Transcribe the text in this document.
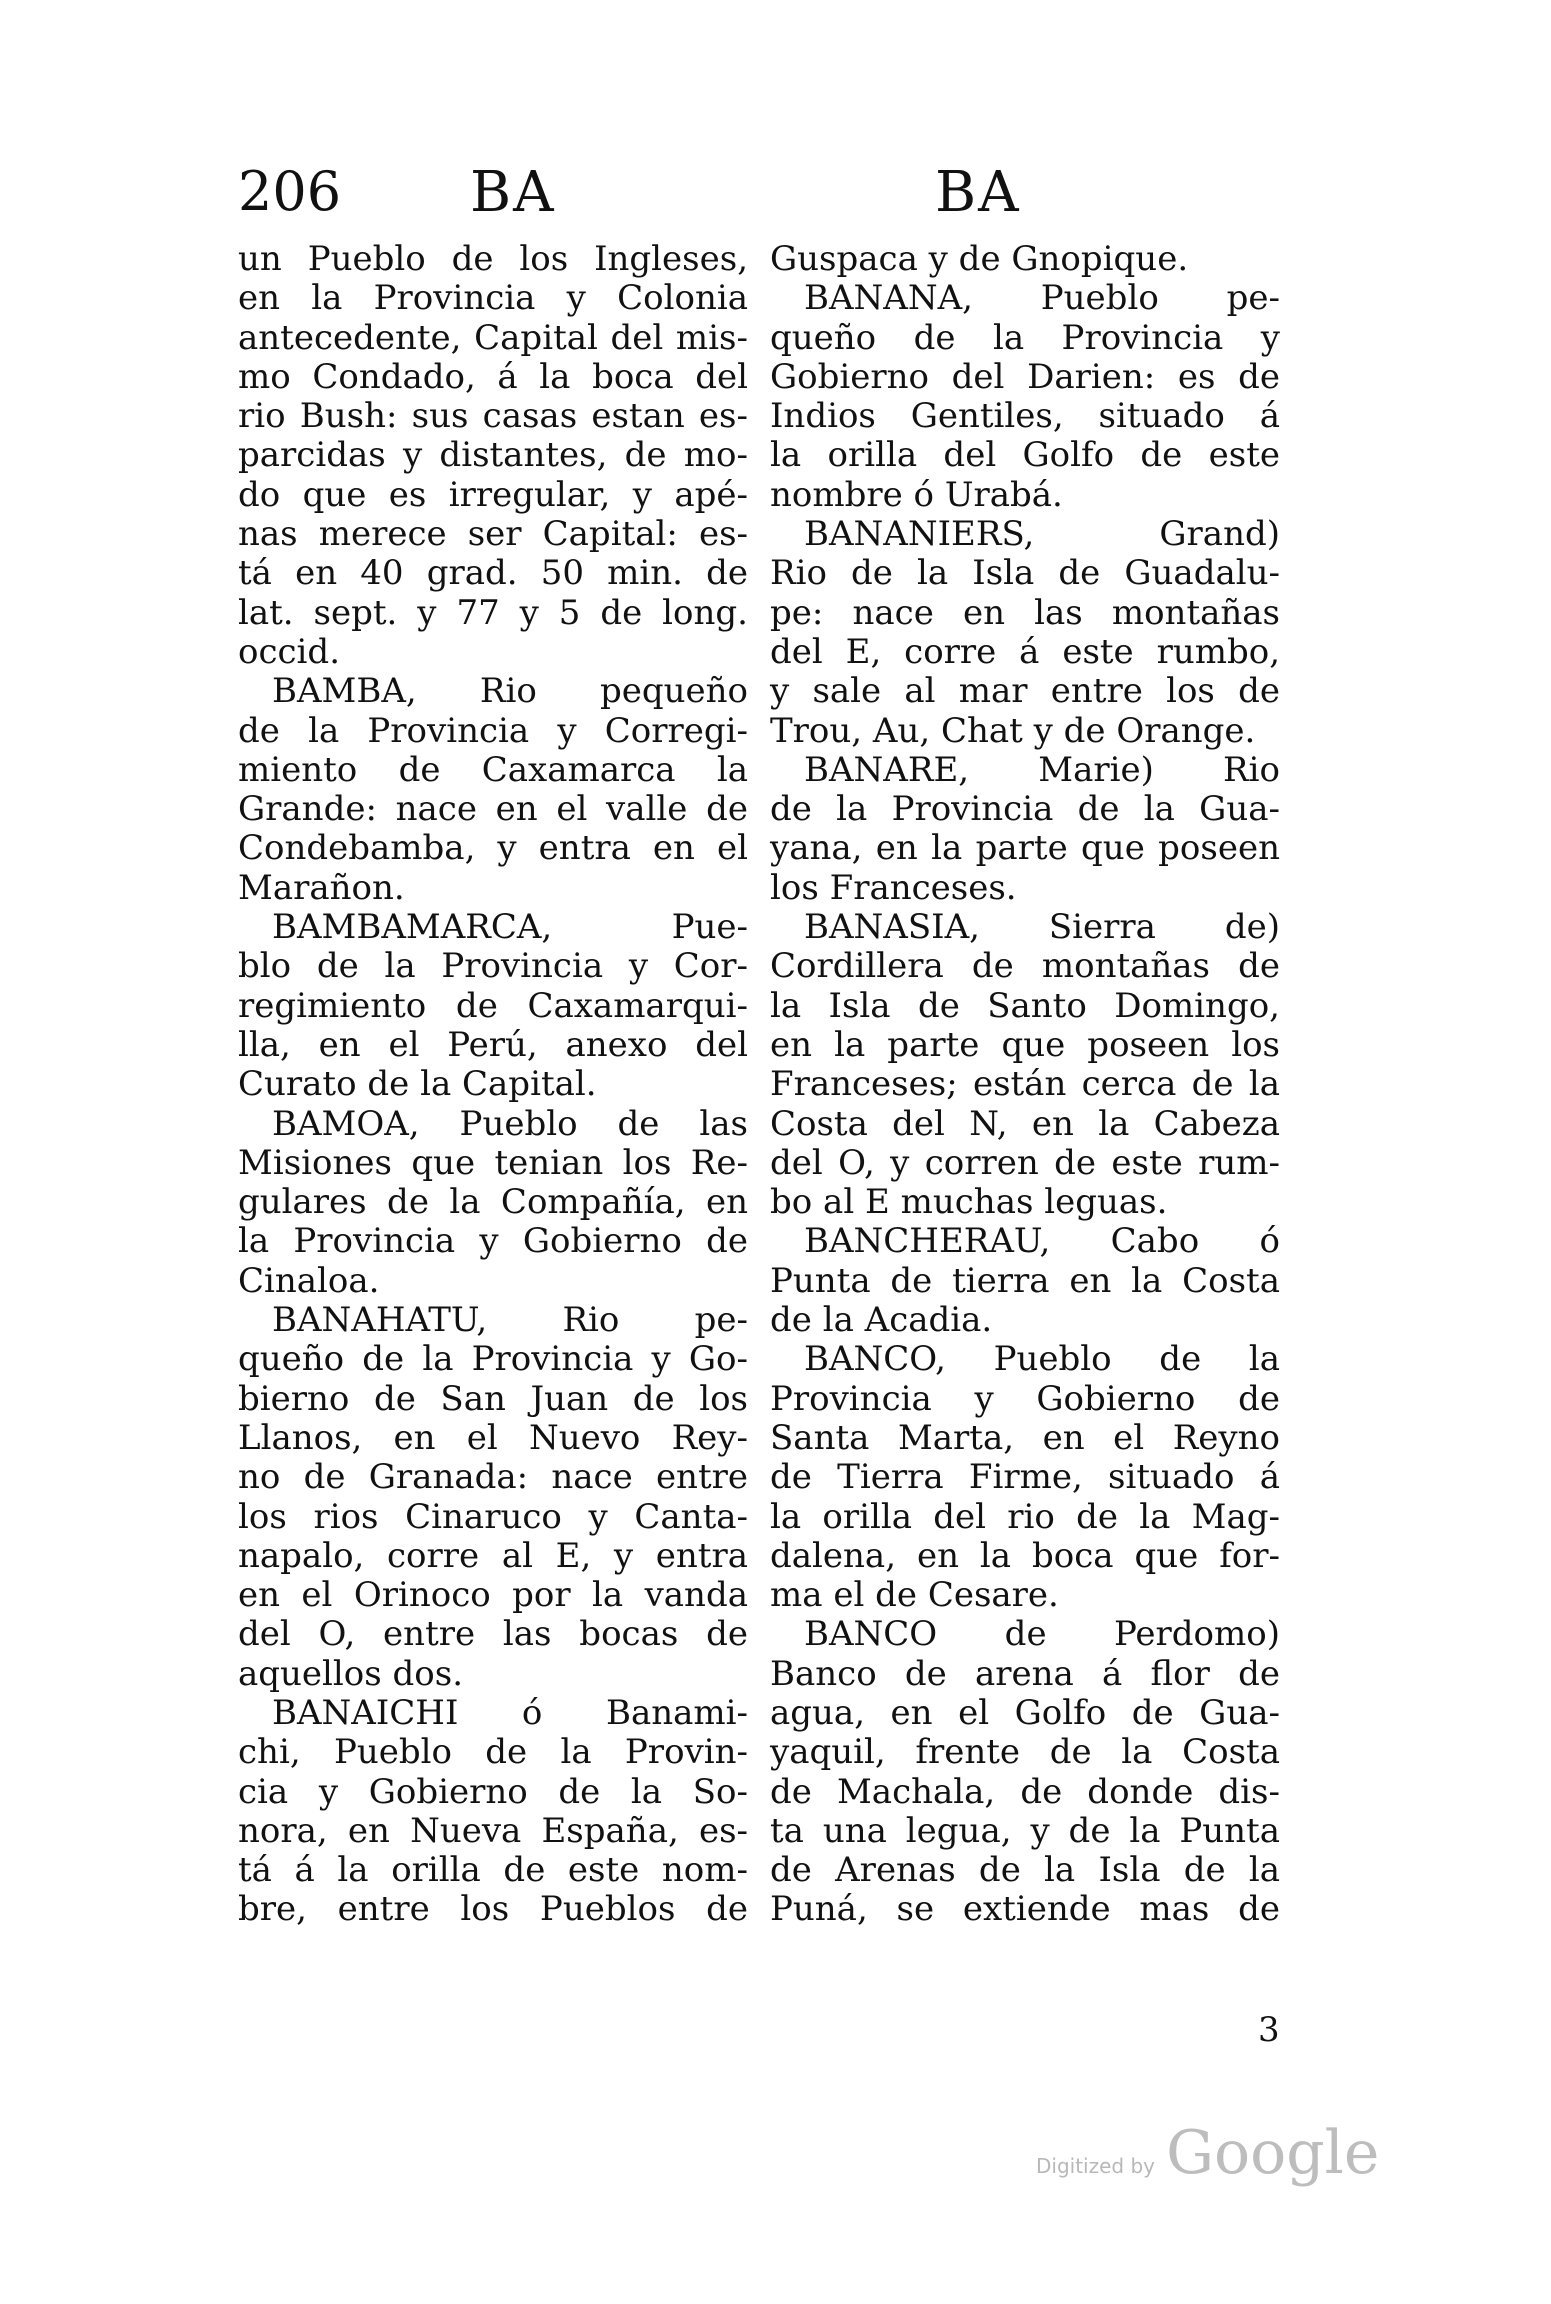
206 BA	BA
un Pueblo de los Ingleses,
en la Provincia y Colonia
antecedente, Capital del mis-
mo Condado, á la boca del
rio Bush: sus casas estan es-
parcidas y distantes, de mo-
do que es irregular, y apé-
nas merece ser Capital: es-
tá en 40 grad. 50 min. de
lat. sept. y 77 y 5 de long.
occid.
BAMBA, Rio pequeño
de la Provincia y Corregi-
miento de Caxamarca la
Grande: nace en el valle de
Condebamba, y entra en el
Marañon.
BAMBAMARCA, Pue-
blo de la Provincia y Cor-
regimiento de Caxamarqui-
lla, en el Perú, anexo del
Curato de la Capital.
BAMOA, Pueblo de las
Misiones que tenian los Re-
gulares de la Compañía, en
la Provincia y Gobierno de
Cinaloa.
BANAHATU, Rio pe-
queño de la Provincia y Go-
bierno de San Juan de los
Llanos, en el Nuevo Rey-
no de Granada: nace entre
los rios Cinaruco y Canta-
napalo, corre al E, y entra
en el Orinoco por la vanda
del O, entre las bocas de
aquellos dos.
BANAICHI ó Banami-
chi, Pueblo de la Provin-
cia y Gobierno de la So-
nora, en Nueva España, es-
tá á la orilla de este nom-
bre, entre los Pueblos de
Guspaca y de Gnopique.
BANANA, Pueblo pe-
queño de la Provincia y
Gobierno del Darien: es de
Indios Gentiles, situado á
la orilla del Golfo de este
nombre ó Urabá.
BANANIERS, Grand)
Rio de la Isla de Guadalu-
pe: nace en las montañas
del E, corre á este rumbo,
y sale al mar entre los de
Trou, Au, Chat y de Orange.
BANARE, Marie) Rio
de la Provincia de la Gua-
yana, en la parte que poseen
los Franceses.
BANASIA, Sierra de)
Cordillera de montañas de
la Isla de Santo Domingo,
en la parte que poseen los
Franceses; están cerca de la
Costa del N, en la Cabeza
del O, y corren de este rum-
bo al E muchas leguas.
BANCHERAU, Cabo ó
Punta de tierra en la Costa
de la Acadia.
BANCO, Pueblo de la
Provincia y Gobierno de
Santa Marta, en el Reyno
de Tierra Firme, situado á
la orilla del rio de la Mag-
dalena, en la boca que for-
ma el de Cesare.
BANCO de Perdomo)
Banco de arena á flor de
agua, en el Golfo de Gua-
yaquil, frente de la Costa
de Machala, de donde dis-
ta una legua, y de la Punta
de Arenas de la Isla de la
Puná, se extiende mas de
3
Digitized by Google
